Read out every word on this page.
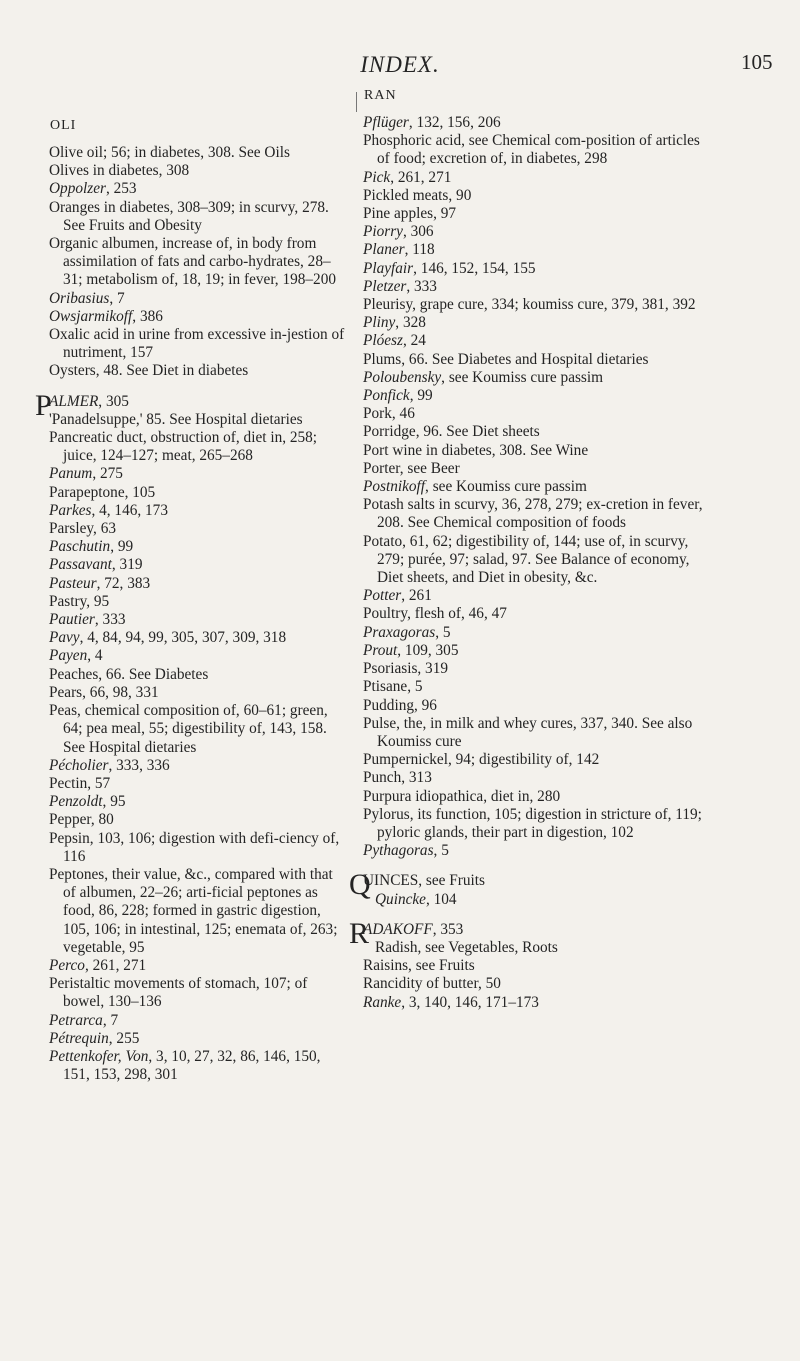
INDEX.	105
OLI

Olive oil; 56; in diabetes, 308. See Oils

Olives in diabetes, 308

Oppolzer, 253

Oranges in diabetes, 308–309; in scurvy, 278. See Fruits and Obesity

Organic albumen, increase of, in body from assimilation of fats and carbo-hydrates, 28–31; metabolism of, 18, 19; in fever, 198–200

Oribasius, 7

Owsjarmikoff, 386

Oxalic acid in urine from excessive in-jestion of nutriment, 157

Oysters, 48. See Diet in diabetes

P
ALMER, 305

'Panadelsuppe,' 85. See Hospital dietaries

Pancreatic duct, obstruction of, diet in, 258; juice, 124–127; meat, 265–268

Panum, 275

Parapeptone, 105

Parkes, 4, 146, 173

Parsley, 63

Paschutin, 99

Passavant, 319

Pasteur, 72, 383

Pastry, 95

Pautier, 333

Pavy, 4, 84, 94, 99, 305, 307, 309, 318

Payen, 4

Peaches, 66. See Diabetes

Pears, 66, 98, 331

Peas, chemical composition of, 60–61; green, 64; pea meal, 55; digestibility of, 143, 158. See Hospital dietaries

Pécholier, 333, 336

Pectin, 57

Penzoldt, 95

Pepper, 80

Pepsin, 103, 106; digestion with defi-ciency of, 116

Peptones, their value, &c., compared with that of albumen, 22–26; arti-ficial peptones as food, 86, 228; formed in gastric digestion, 105, 106; in intestinal, 125; enemata of, 263; vegetable, 95

Perco, 261, 271

Peristaltic movements of stomach, 107; of bowel, 130–136

Petrarca, 7

Pétrequin, 255

Pettenkofer, Von, 3, 10, 27, 32, 86, 146, 150, 151, 153, 298, 301

RAN

Pflüger, 132, 156, 206

Phosphoric acid, see Chemical com-position of articles of food; excretion of, in diabetes, 298

Pick, 261, 271

Pickled meats, 90

Pine apples, 97

Piorry, 306

Planer, 118

Playfair, 146, 152, 154, 155

Pletzer, 333

Pleurisy, grape cure, 334; koumiss cure, 379, 381, 392

Pliny, 328

Plóesz, 24

Plums, 66. See Diabetes and Hospital dietaries

Poloubensky, see Koumiss cure passim

Ponfick, 99

Pork, 46

Porridge, 96. See Diet sheets

Port wine in diabetes, 308. See Wine

Porter, see Beer

Postnikoff, see Koumiss cure passim

Potash salts in scurvy, 36, 278, 279; ex-cretion in fever, 208. See Chemical composition of foods

Potato, 61, 62; digestibility of, 144; use of, in scurvy, 279; purée, 97; salad, 97. See Balance of economy, Diet sheets, and Diet in obesity, &c.

Potter, 261

Poultry, flesh of, 46, 47

Praxagoras, 5

Prout, 109, 305

Psoriasis, 319

Ptisane, 5

Pudding, 96

Pulse, the, in milk and whey cures, 337, 340. See also Koumiss cure

Pumpernickel, 94; digestibility of, 142

Punch, 313

Purpura idiopathica, diet in, 280

Pylorus, its function, 105; digestion in stricture of, 119; pyloric glands, their part in digestion, 102

Pythagoras, 5

Q
UINCES, see Fruits

Quincke, 104

R
ADAKOFF, 353

Radish, see Vegetables, Roots

Raisins, see Fruits

Rancidity of butter, 50

Ranke, 3, 140, 146, 171–173
